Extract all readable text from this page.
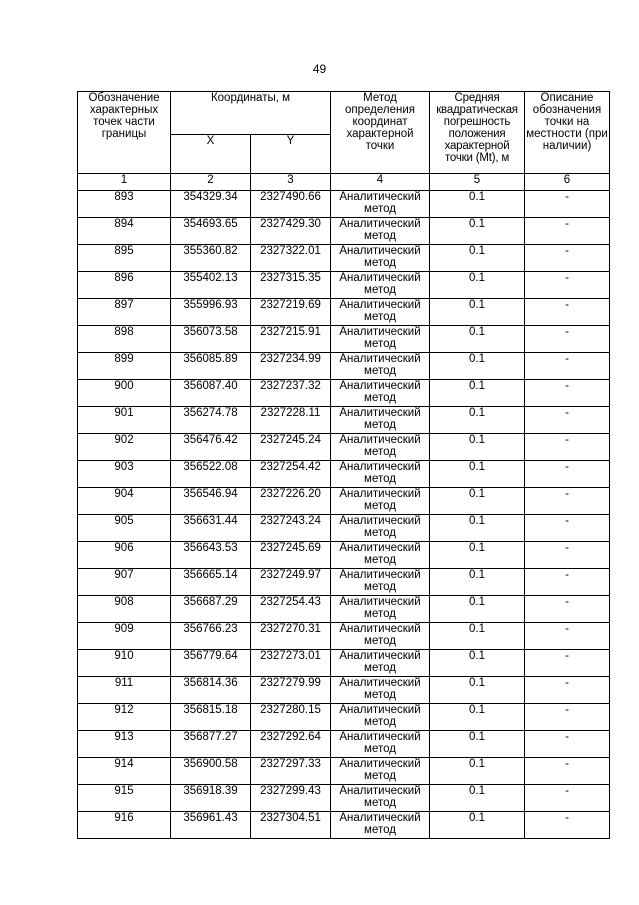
49
Обозначение характерных точек части границы	Координаты, м		Метод определения координат характерной точки	Средняя квадратическая погрешность положения характерной точки (Mt), м	Описание обозначения точки на местности (при наличии)
	X	Y			
1	2	3	4	5	6
893	354329.34	2327490.66	Аналитический метод	0.1	-
894	354693.65	2327429.30	Аналитический метод	0.1	-
895	355360.82	2327322.01	Аналитический метод	0.1	-
896	355402.13	2327315.35	Аналитический метод	0.1	-
897	355996.93	2327219.69	Аналитический метод	0.1	-
898	356073.58	2327215.91	Аналитический метод	0.1	-
899	356085.89	2327234.99	Аналитический метод	0.1	-
900	356087.40	2327237.32	Аналитический метод	0.1	-
901	356274.78	2327228.11	Аналитический метод	0.1	-
902	356476.42	2327245.24	Аналитический метод	0.1	-
903	356522.08	2327254.42	Аналитический метод	0.1	-
904	356546.94	2327226.20	Аналитический метод	0.1	-
905	356631.44	2327243.24	Аналитический метод	0.1	-
906	356643.53	2327245.69	Аналитический метод	0.1	-
907	356665.14	2327249.97	Аналитический метод	0.1	-
908	356687.29	2327254.43	Аналитический метод	0.1	-
909	356766.23	2327270.31	Аналитический метод	0.1	-
910	356779.64	2327273.01	Аналитический метод	0.1	-
911	356814.36	2327279.99	Аналитический метод	0.1	-
912	356815.18	2327280.15	Аналитический метод	0.1	-
913	356877.27	2327292.64	Аналитический метод	0.1	-
914	356900.58	2327297.33	Аналитический метод	0.1	-
915	356918.39	2327299.43	Аналитический метод	0.1	-
916	356961.43	2327304.51	Аналитический метод	0.1	-
